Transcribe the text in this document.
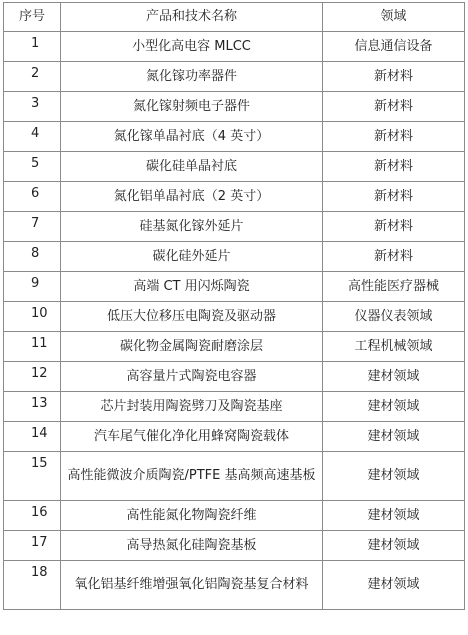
序号	产品和技术名称	领域
1	小型化高电容 MLCC	信息通信设备
2	氮化镓功率器件	新材料
3	氮化镓射频电子器件	新材料
4	氮化镓单晶衬底（4 英寸）	新材料
5	碳化硅单晶衬底	新材料
6	氮化铝单晶衬底（2 英寸）	新材料
7	硅基氮化镓外延片	新材料
8	碳化硅外延片	新材料
9	高端 CT 用闪烁陶瓷	高性能医疗器械
10	低压大位移压电陶瓷及驱动器	仪器仪表领域
11	碳化物金属陶瓷耐磨涂层	工程机械领域
12	高容量片式陶瓷电容器	建材领域
13	芯片封装用陶瓷劈刀及陶瓷基座	建材领域
14	汽车尾气催化净化用蜂窝陶瓷载体	建材领域
15	高性能微波介质陶瓷/PTFE 基高频高速基板	建材领域
16	高性能氮化物陶瓷纤维	建材领域
17	高导热氮化硅陶瓷基板	建材领域
18	氧化铝基纤维增强氧化铝陶瓷基复合材料	建材领域
